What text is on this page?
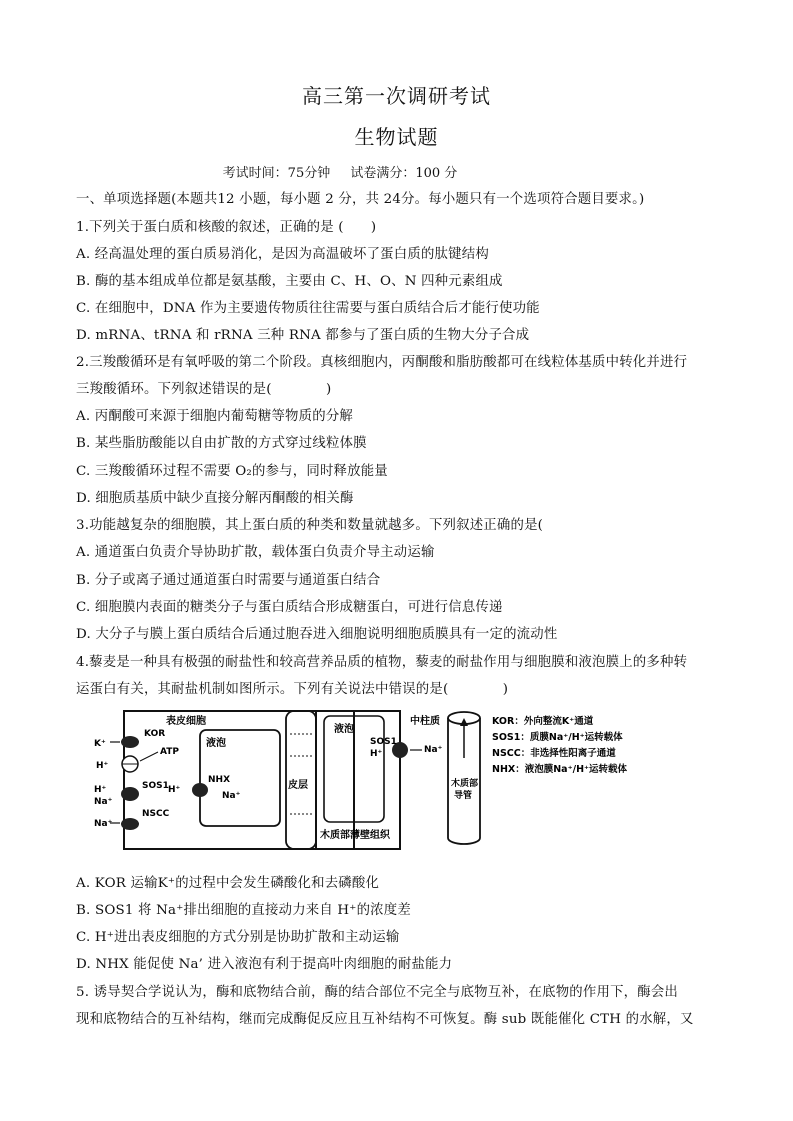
高三第一次调研考试
生物试题
考试时间：75分钟 试卷满分：100 分
一、单项选择题(本题共12 小题，每小题 2 分，共 24分。每小题只有一个选项符合题目要求。)
1.下列关于蛋白质和核酸的叙述，正确的是 (　　)
A. 经高温处理的蛋白质易消化，是因为高温破坏了蛋白质的肽键结构
B. 酶的基本组成单位都是氨基酸，主要由 C、H、O、N 四种元素组成
C. 在细胞中，DNA 作为主要遗传物质往往需要与蛋白质结合后才能行使功能
D. mRNA、tRNA 和 rRNA 三种 RNA 都参与了蛋白质的生物大分子合成
2.三羧酸循环是有氧呼吸的第二个阶段。真核细胞内，丙酮酸和脂肪酸都可在线粒体基质中转化并进行
三羧酸循环。下列叙述错误的是(　　　　)
A. 丙酮酸可来源于细胞内葡萄糖等物质的分解
B. 某些脂肪酸能以自由扩散的方式穿过线粒体膜
C. 三羧酸循环过程不需要 O₂的参与，同时释放能量
D. 细胞质基质中缺少直接分解丙酮酸的相关酶
3.功能越复杂的细胞膜，其上蛋白质的种类和数量就越多。下列叙述正确的是(
A. 通道蛋白负责介导协助扩散，载体蛋白负责介导主动运输
B. 分子或离子通过通道蛋白时需要与通道蛋白结合
C. 细胞膜内表面的糖类分子与蛋白质结合形成糖蛋白，可进行信息传递
D. 大分子与膜上蛋白质结合后通过胞吞进入细胞说明细胞质膜具有一定的流动性
4.藜麦是一种具有极强的耐盐性和较高营养品质的植物，藜麦的耐盐作用与细胞膜和液泡膜上的多种转
运蛋白有关，其耐盐机制如图所示。下列有关说法中错误的是(　　　　)
表皮细胞
液泡
KOR
K⁺
ATP
H⁺
SOS1
H⁺
Na⁺
NSCC
Na⁺
NHX
H⁺
Na⁺
皮层
液泡
木质部薄壁组织
SOS1
H⁺	Na⁺
中柱质
木质部
导管
KOR：外向整流K⁺通道
SOS1：质膜Na⁺/H⁺运转载体
NSCC：非选择性阳离子通道
NHX：液泡膜Na⁺/H⁺运转载体
A. KOR 运输K⁺的过程中会发生磷酸化和去磷酸化
B. SOS1 将 Na⁺排出细胞的直接动力来自 H⁺的浓度差
C. H⁺进出表皮细胞的方式分别是协助扩散和主动运输
D. NHX 能促使 Na’ 进入液泡有利于提高叶肉细胞的耐盐能力
5. 诱导契合学说认为，酶和底物结合前，酶的结合部位不完全与底物互补，在底物的作用下，酶会出
现和底物结合的互补结构，继而完成酶促反应且互补结构不可恢复。酶 sub 既能催化 CTH 的水解，又
